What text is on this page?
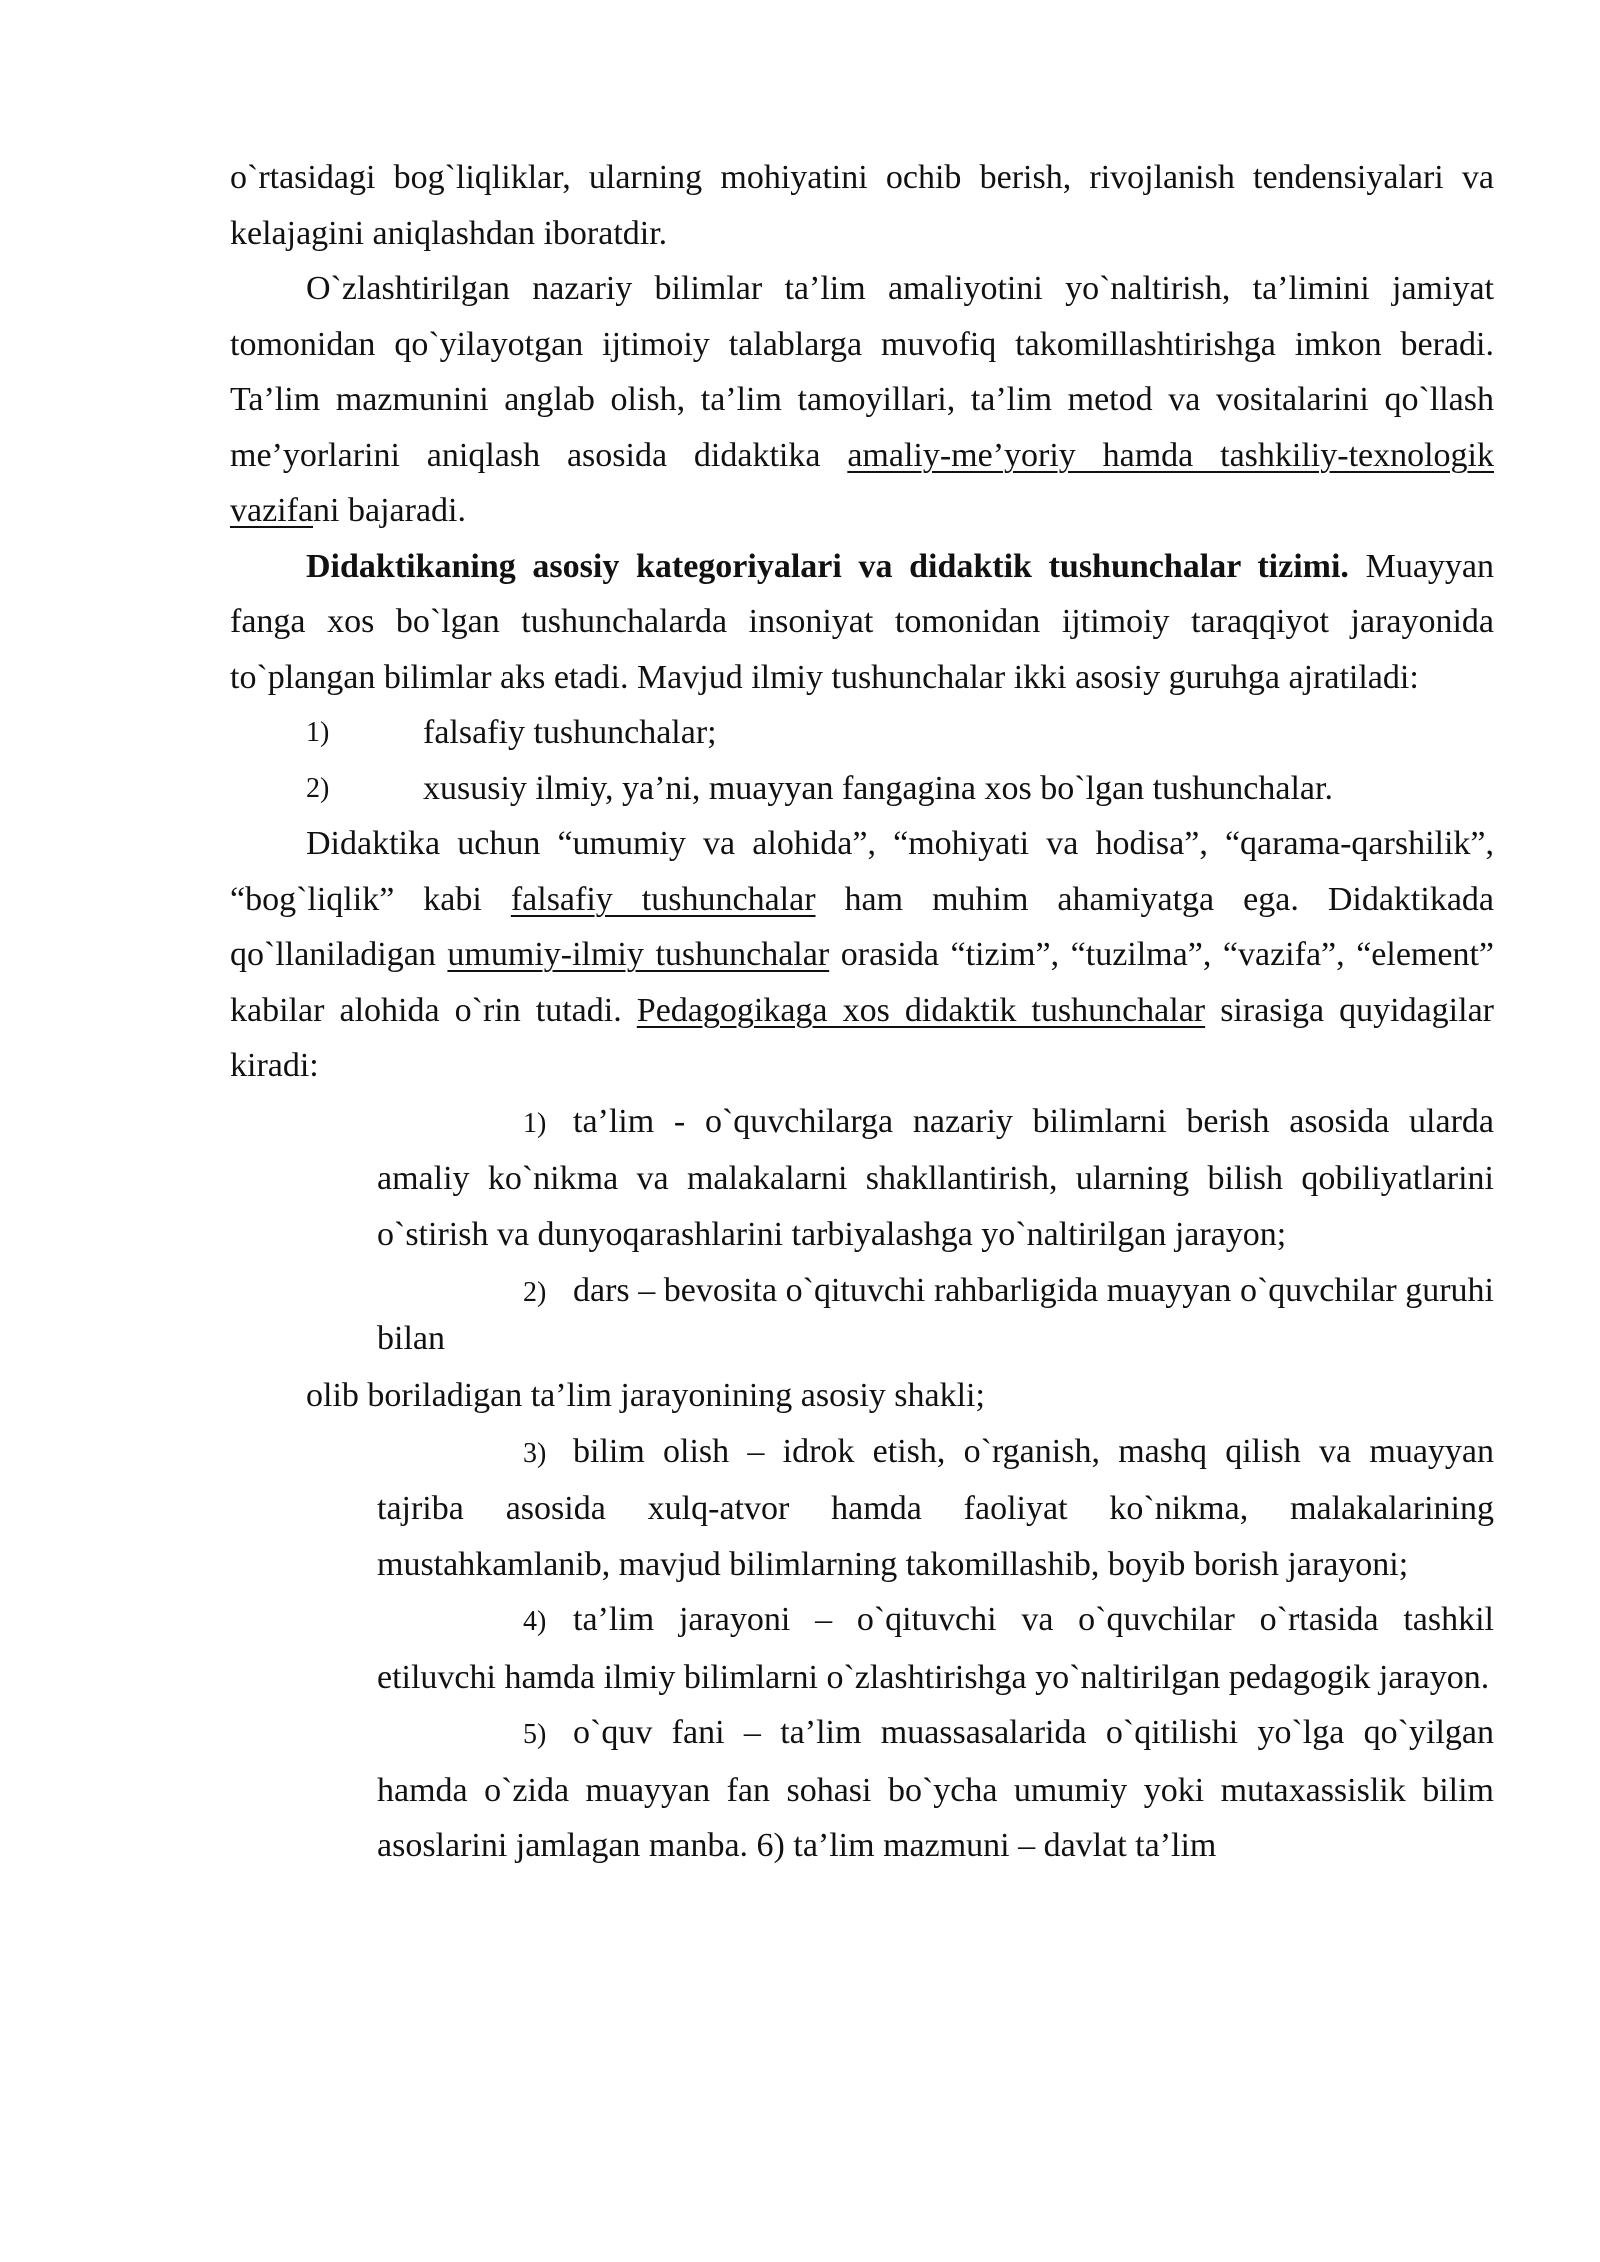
o`rtasidagi bog`liqliklar, ularning mohiyatini ochib berish, rivojlanish tendensiyalari va kelajagini aniqlashdan iboratdir.

O`zlashtirilgan nazariy bilimlar ta’lim amaliyotini yo`naltirish, ta’limini jamiyat tomonidan qo`yilayotgan ijtimoiy talablarga muvofiq takomillashtirishga imkon beradi. Ta’lim mazmunini anglab olish, ta’lim tamoyillari, ta’lim metod va vositalarini qo`llash me’yorlarini aniqlash asosida didaktika amaliy-me’yoriy hamda tashkiliy-texnologik vazifani bajaradi.

Didaktikaning asosiy kategoriyalari va didaktik tushunchalar tizimi. Muayyan fanga xos bo`lgan tushunchalarda insoniyat tomonidan ijtimoiy taraqqiyot jarayonida to`plangan bilimlar aks etadi. Mavjud ilmiy tushunchalar ikki asosiy guruhga ajratiladi:

1)	falsafiy tushunchalar;

2)	xususiy ilmiy, ya’ni, muayyan fangagina xos bo`lgan tushunchalar.

Didaktika uchun “umumiy va alohida”, “mohiyati va hodisa”, “qarama-qarshilik”, “bog`liqlik” kabi falsafiy tushunchalar ham muhim ahamiyatga ega. Didaktikada qo`llaniladigan umumiy-ilmiy tushunchalar orasida “tizim”, “tuzilma”, “vazifa”, “element” kabilar alohida o`rin tutadi. Pedagogikaga xos didaktik tushunchalar sirasiga quyidagilar kiradi:

1) ta’lim - o`quvchilarga nazariy bilimlarni berish asosida ularda amaliy ko`nikma va malakalarni shakllantirish, ularning bilish qobiliyatlarini o`stirish va dunyoqarashlarini tarbiyalashga yo`naltirilgan jarayon;

2) dars – bevosita o`qituvchi rahbarligida muayyan o`quvchilar guruhi bilan

olib boriladigan ta’lim jarayonining asosiy shakli;

3) bilim olish – idrok etish, o`rganish, mashq qilish va muayyan tajriba asosida xulq-atvor hamda faoliyat ko`nikma, malakalarining mustahkamlanib, mavjud bilimlarning takomillashib, boyib borish jarayoni;

4) ta’lim jarayoni – o`qituvchi va o`quvchilar o`rtasida tashkil etiluvchi hamda ilmiy bilimlarni o`zlashtirishga yo`naltirilgan pedagogik jarayon.

5) o`quv fani – ta’lim muassasalarida o`qitilishi yo`lga qo`yilgan hamda o`zida muayyan fan sohasi bo`ycha umumiy yoki mutaxassislik bilim asoslarini jamlagan manba. 6) ta’lim mazmuni – davlat ta’lim
